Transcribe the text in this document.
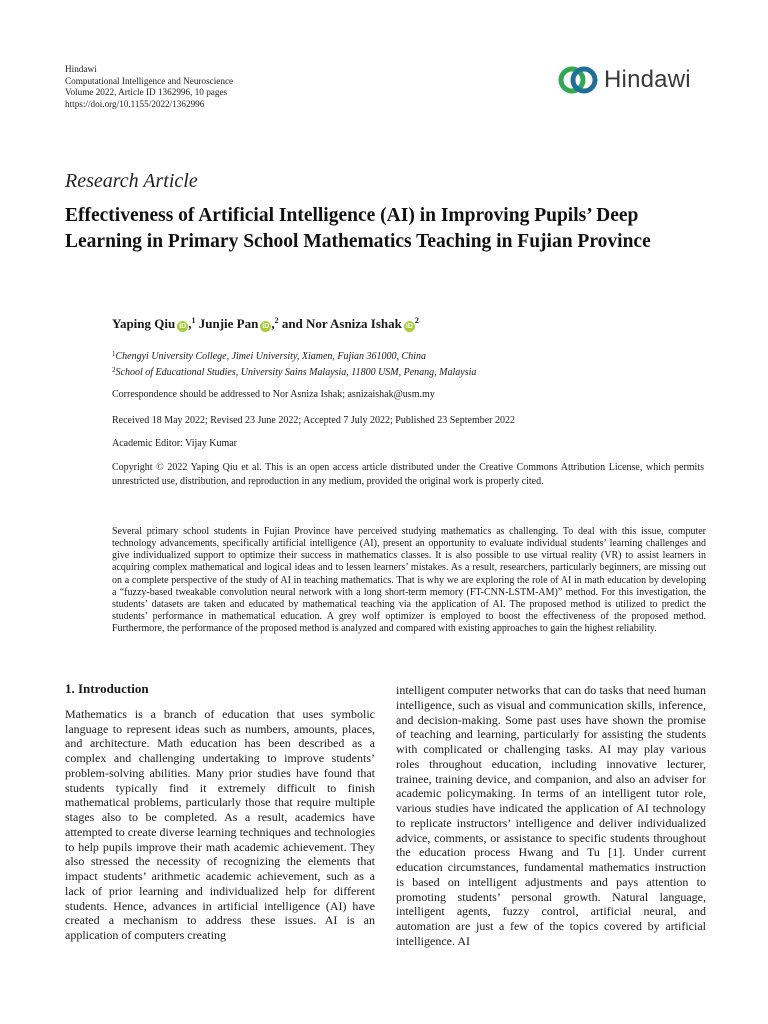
Hindawi
Computational Intelligence and Neuroscience
Volume 2022, Article ID 1362996, 10 pages
https://doi.org/10.1155/2022/1362996
Hindawi
Research Article
Effectiveness of Artificial Intelligence (AI) in Improving Pupils’ Deep Learning in Primary School Mathematics Teaching in Fujian Province
Yaping Qiu iD ,$^1$ Junjie Pan iD ,$^2$ and Nor Asniza Ishak $iD^2$
$^1$Chengyi University College, Jimei University, Xiamen, Fujian 361000, China
$^2$School of Educational Studies, University Sains Malaysia, 11800 USM, Penang, Malaysia
Correspondence should be addressed to Nor Asniza Ishak; asnizaishak@usm.my
Received 18 May 2022; Revised 23 June 2022; Accepted 7 July 2022; Published 23 September 2022
Academic Editor: Vijay Kumar
Copyright © 2022 Yaping Qiu et al. This is an open access article distributed under the Creative Commons Attribution License, which permits unrestricted use, distribution, and reproduction in any medium, provided the original work is properly cited.

Several primary school students in Fujian Province have perceived studying mathematics as challenging. To deal with this issue, computer technology advancements, specifically artificial intelligence (AI), present an opportunity to evaluate individual students’ learning challenges and give individualized support to optimize their success in mathematics classes. It is also possible to use virtual reality (VR) to assist learners in acquiring complex mathematical and logical ideas and to lessen learners’ mistakes. As a result, researchers, particularly beginners, are missing out on a complete perspective of the study of AI in teaching mathematics. That is why we are exploring the role of AI in math education by developing a “fuzzy-based tweakable convolution neural network with a long short-term memory (FT-CNN-LSTM-AM)” method. For this investigation, the students’ datasets are taken and educated by mathematical teaching via the application of AI. The proposed method is utilized to predict the students’ performance in mathematical education. A grey wolf optimizer is employed to boost the effectiveness of the proposed method. Furthermore, the performance of the proposed method is analyzed and compared with existing approaches to gain the highest reliability.

1. Introduction

Mathematics is a branch of education that uses symbolic language to represent ideas such as numbers, amounts, places, and architecture. Math education has been described as a complex and challenging undertaking to improve students’ problem-solving abilities. Many prior studies have found that students typically find it extremely difficult to finish mathematical problems, particularly those that require multiple stages also to be completed. As a result, academics have attempted to create diverse learning techniques and technologies to help pupils improve their math academic achievement. They also stressed the necessity of recognizing the elements that impact students’ arithmetic academic achievement, such as a lack of prior learning and individualized help for different students. Hence, advances in artificial intelligence (AI) have created a mechanism to address these issues. AI is an application of computers creating

intelligent computer networks that can do tasks that need human intelligence, such as visual and communication skills, inference, and decision-making. Some past uses have shown the promise of teaching and learning, particularly for assisting the students with complicated or challenging tasks. AI may play various roles throughout education, including innovative lecturer, trainee, training device, and companion, and also an adviser for academic policymaking. In terms of an intelligent tutor role, various studies have indicated the application of AI technology to replicate instructors’ intelligence and deliver individualized advice, comments, or assistance to specific students throughout the education process Hwang and Tu [1]. Under current education circumstances, fundamental mathematics instruction is based on intelligent adjustments and pays attention to promoting students’ personal growth. Natural language, intelligent agents, fuzzy control, artificial neural, and automation are just a few of the topics covered by artificial intelligence. AI
